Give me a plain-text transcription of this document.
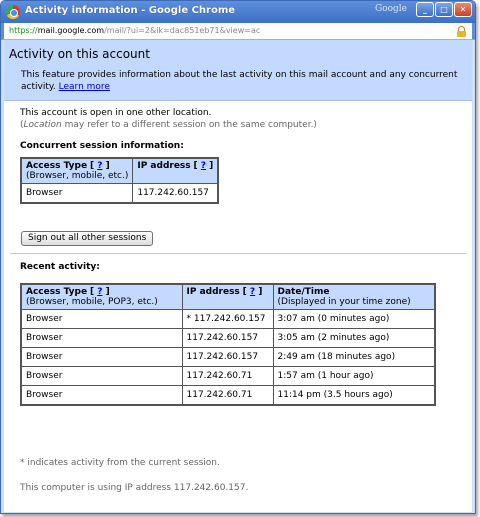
Activity information - Google Chrome	Google	_	□	✕
https://mail.google.com/mail/?ui=2&ik=dac851eb71&view=ac
Activity on this account
This feature provides information about the last activity on this mail account and any concurrent activity. Learn more
This account is open in one other location.
(Location may refer to a different session on the same computer.)
Concurrent session information:
Access Type [ ? ]
(Browser, mobile, etc.)	IP address [ ? ]
Browser	117.242.60.157
Sign out all other sessions
Recent activity:
Access Type [ ? ]
(Browser, mobile, POP3, etc.)	IP address [ ? ]	Date/Time
(Displayed in your time zone)
Browser	* 117.242.60.157	3:07 am (0 minutes ago)
Browser	117.242.60.157	3:05 am (2 minutes ago)
Browser	117.242.60.157	2:49 am (18 minutes ago)
Browser	117.242.60.71	1:57 am (1 hour ago)
Browser	117.242.60.71	11:14 pm (3.5 hours ago)
* indicates activity from the current session.
This computer is using IP address 117.242.60.157.
